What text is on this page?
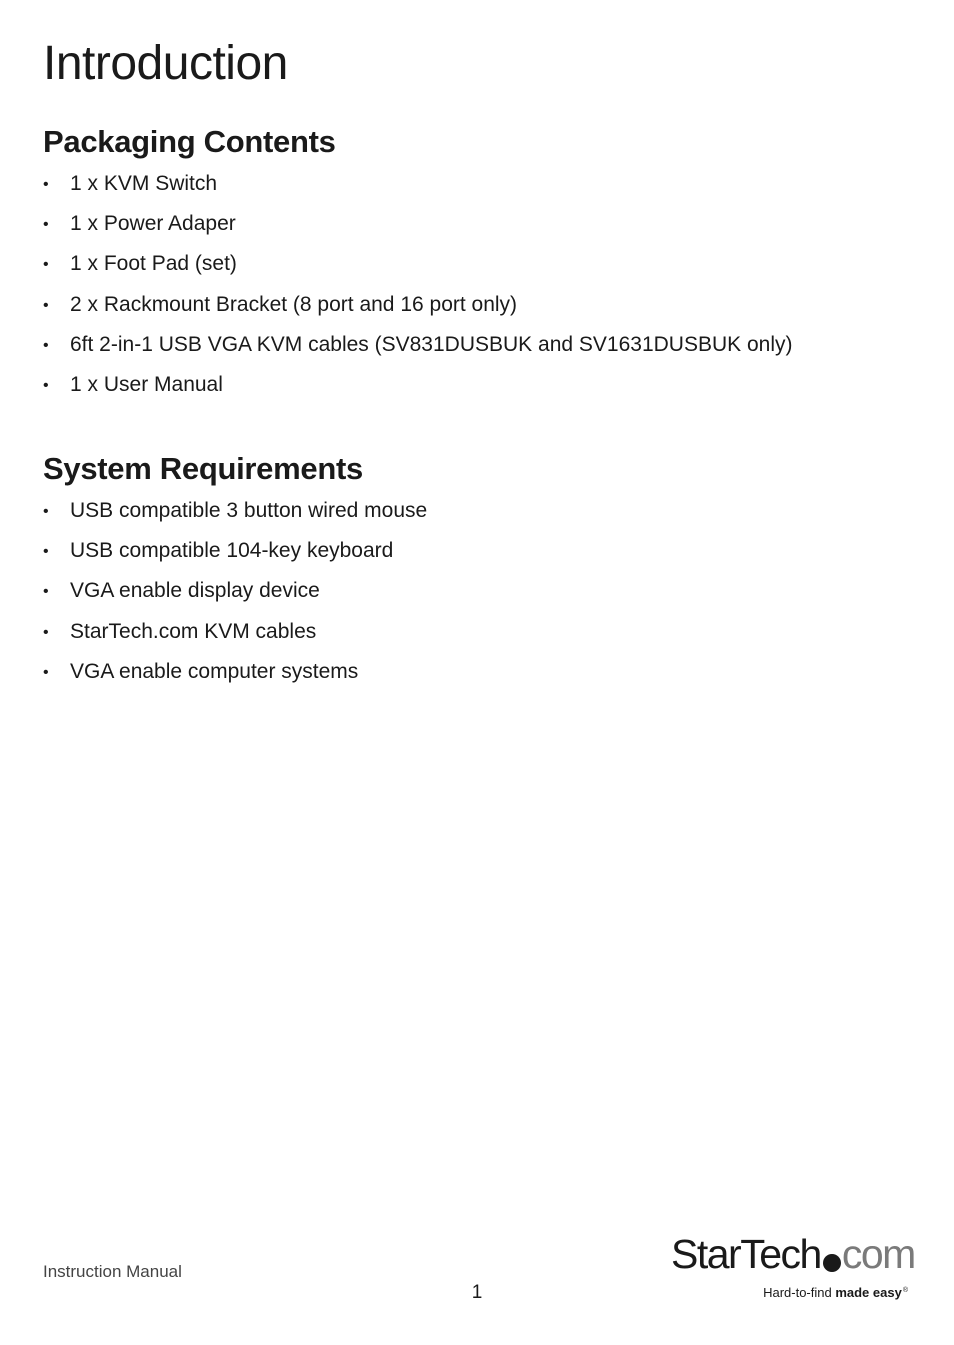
Introduction
Packaging Contents
• 1 x KVM Switch
• 1 x Power Adaper
• 1 x Foot Pad (set)
• 2 x Rackmount Bracket (8 port and 16 port only)
• 6ft 2-in-1 USB VGA KVM cables (SV831DUSBUK and SV1631DUSBUK only)
• 1 x User Manual
System Requirements
• USB compatible 3 button wired mouse
• USB compatible 104-key keyboard
• VGA enable display device
• StarTech.com KVM cables
• VGA enable computer systems
Instruction Manual
1
StarTech com
Hard-to-find made easy®
